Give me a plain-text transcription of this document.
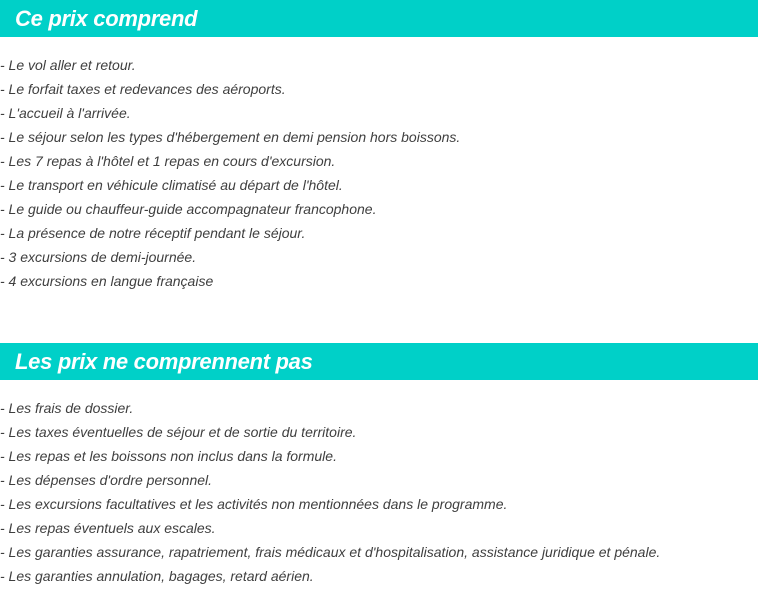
Ce prix comprend
- Le vol aller et retour.
- Le forfait taxes et redevances des aéroports.
- L'accueil à l'arrivée.
- Le séjour selon les types d'hébergement en demi pension hors boissons.
- Les 7 repas à l'hôtel et 1 repas en cours d'excursion.
- Le transport en véhicule climatisé au départ de l'hôtel.
- Le guide ou chauffeur-guide accompagnateur francophone.
- La présence de notre réceptif pendant le séjour.
- 3 excursions de demi-journée.
- 4 excursions en langue française
Les prix ne comprennent pas
- Les frais de dossier.
- Les taxes éventuelles de séjour et de sortie du territoire.
- Les repas et les boissons non inclus dans la formule.
- Les dépenses d'ordre personnel.
- Les excursions facultatives et les activités non mentionnées dans le programme.
- Les repas éventuels aux escales.
- Les garanties assurance, rapatriement, frais médicaux et d'hospitalisation, assistance juridique et pénale.
- Les garanties annulation, bagages, retard aérien.
